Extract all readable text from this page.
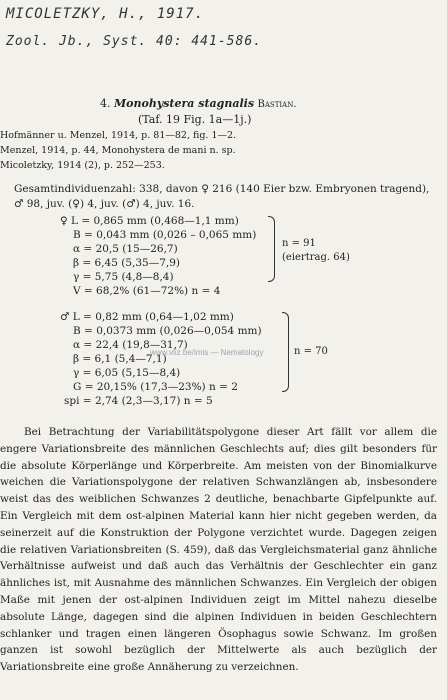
MICOLETZKY, H., 1917.
Zool. Jb., Syst. 40: 441-586.
4. Monohystera stagnalis Bastian.
(Taf. 19 Fig. 1a—1j.)
Hofmänner u. Menzel, 1914, p. 81—82, fig. 1—2.
Menzel, 1914, p. 44, Monohystera de mani n. sp.
Micoletzky, 1914 (2), p. 252—253.
Gesamtindividuenzahl: 338, davon ♀ 216 (140 Eier bzw. Embryonen tragend), ♂ 98, juv. (♀) 4, juv. (♂) 4, juv. 16.
♀ L = 0,865 mm (0,468—1,1 mm)
B = 0,043 mm (0,026 – 0,065 mm)
α = 20,5 (15—26,7)
β = 6,45 (5,35—7,9)
γ = 5,75 (4,8—8,4)
V = 68,2% (61—72%) n = 4
n = 91
(eiertrag. 64)
♂ L = 0,82 mm (0,64—1,02 mm)
B = 0,0373 mm (0,026—0,054 mm)
α = 22,4 (19,8—31,7)
β = 6,1 (5,4—7,1)
γ = 6,05 (5,15—8,4)
G = 20,15% (17,3—23%) n = 2
spi = 2,74 (2,3—3,17) n = 5
n = 70
www.vliz.be/imis — Nematology

Bei Betrachtung der Variabilitätspolygone dieser Art fällt vor allem die engere Variationsbreite des männlichen Geschlechts auf; dies gilt besonders für die absolute Körperlänge und Körperbreite. Am meisten von der Binomialkurve weichen die Variationspolygone der relativen Schwanzlängen ab, insbesondere weist das des weiblichen Schwanzes 2 deutliche, benachbarte Gipfelpunkte auf. Ein Vergleich mit dem ost-alpinen Material kann hier nicht gegeben werden, da seinerzeit auf die Konstruktion der Polygone verzichtet wurde. Dagegen zeigen die relativen Variationsbreiten (S. 459), daß das Vergleichsmaterial ganz ähnliche Verhältnisse aufweist und daß auch das Verhältnis der Geschlechter ein ganz ähnliches ist, mit Ausnahme des männlichen Schwanzes. Ein Vergleich der obigen Maße mit jenen der ost-alpinen Individuen zeigt im Mittel nahezu dieselbe absolute Länge, dagegen sind die alpinen Individuen in beiden Geschlechtern schlanker und tragen einen längeren Ösophagus sowie Schwanz. Im großen ganzen ist sowohl bezüglich der Mittelwerte als auch bezüglich der Variationsbreite eine große Annäherung zu verzeichnen.
